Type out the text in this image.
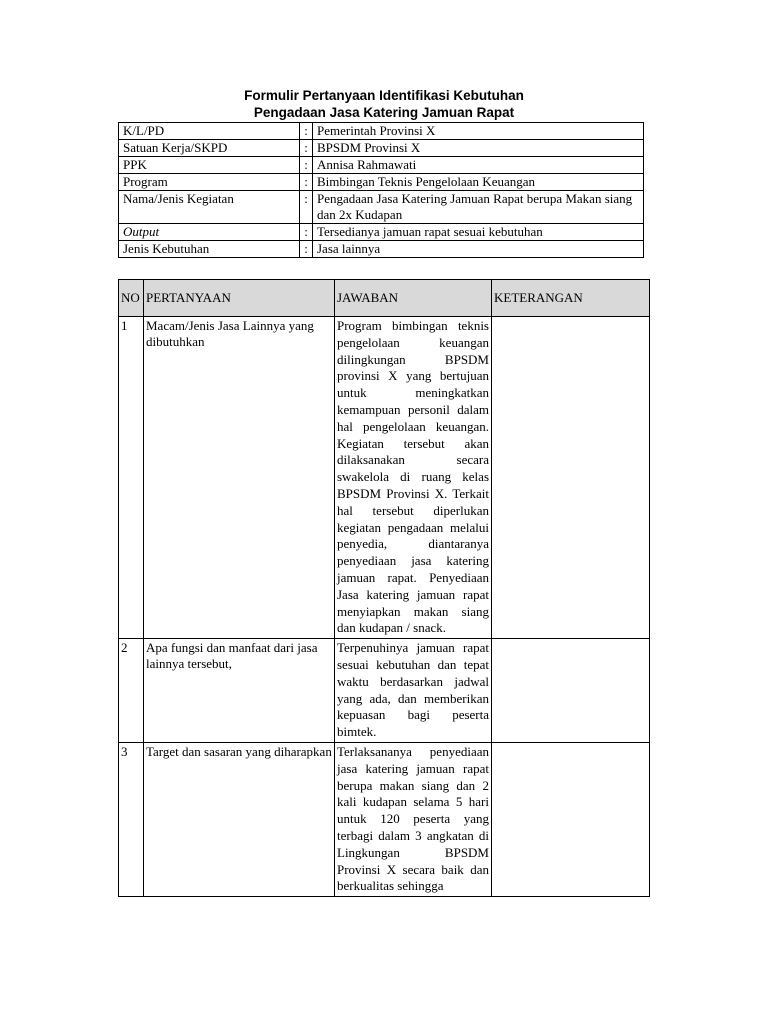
Formulir Pertanyaan Identifikasi Kebutuhan
Pengadaan Jasa Katering Jamuan Rapat
K/L/PD	:	Pemerintah Provinsi X
Satuan Kerja/SKPD	:	BPSDM Provinsi X
PPK	:	Annisa Rahmawati
Program	:	Bimbingan Teknis Pengelolaan Keuangan
Nama/Jenis Kegiatan	:	Pengadaan Jasa Katering Jamuan Rapat berupa Makan siang dan 2x Kudapan
Output	:	Tersedianya jamuan rapat sesuai kebutuhan
Jenis Kebutuhan	:	Jasa lainnya
NO	PERTANYAAN	JAWABAN	KETERANGAN
1	Macam/Jenis Jasa Lainnya yang dibutuhkan	Program bimbingan teknis pengelolaan keuangan dilingkungan BPSDM provinsi X yang bertujuan untuk meningkatkan kemampuan personil dalam hal pengelolaan keuangan. Kegiatan tersebut akan dilaksanakan secara swakelola di ruang kelas BPSDM Provinsi X. Terkait hal tersebut diperlukan kegiatan pengadaan melalui penyedia, diantaranya penyediaan jasa katering jamuan rapat. Penyediaan Jasa katering jamuan rapat menyiapkan makan siang dan kudapan / snack.	
2	Apa fungsi dan manfaat dari jasa lainnya tersebut,	Terpenuhinya jamuan rapat sesuai kebutuhan dan tepat waktu berdasarkan jadwal yang ada, dan memberikan kepuasan bagi peserta bimtek.	
3	Target dan sasaran yang diharapkan	Terlaksananya penyediaan jasa katering jamuan rapat berupa makan siang dan 2 kali kudapan selama 5 hari untuk 120 peserta yang terbagi dalam 3 angkatan di Lingkungan BPSDM Provinsi X secara baik dan berkualitas sehingga	
